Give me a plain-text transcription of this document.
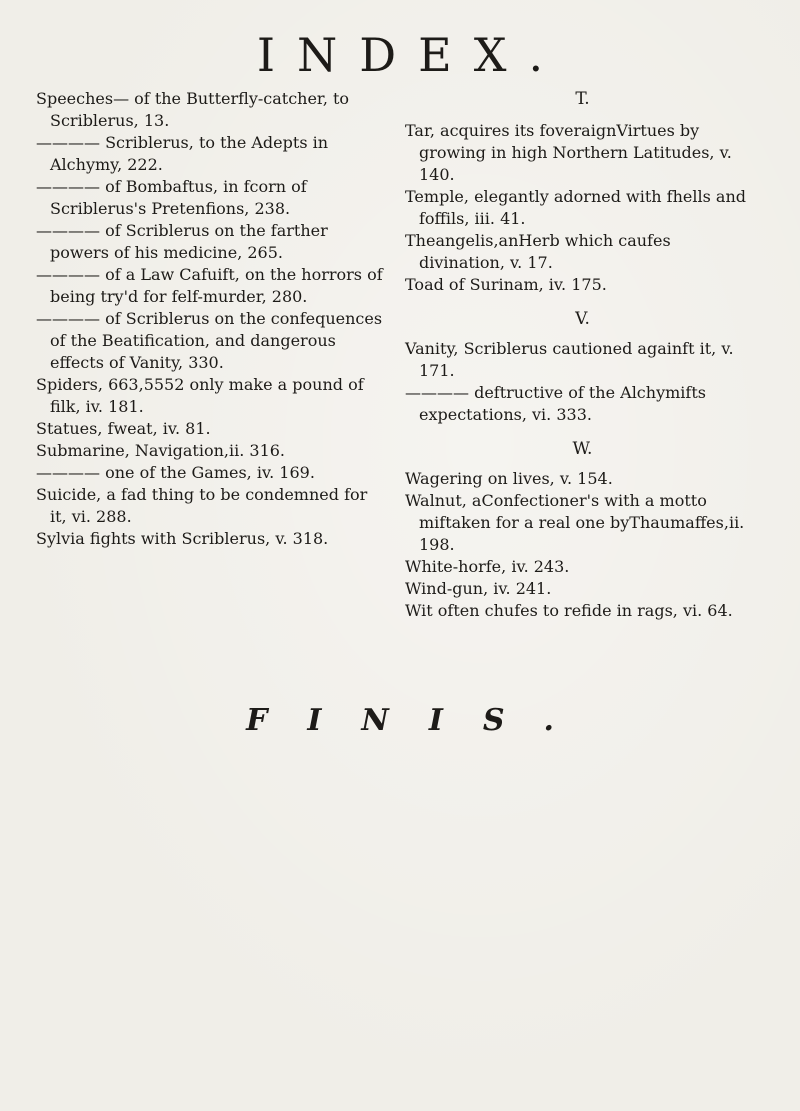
INDEX.

Speeches— of the Butterfly-catcher, to Scriblerus, 13.

———— Scriblerus, to the Adepts in Alchymy, 222.

———— of Bombaftus, in fcorn of Scriblerus's Pretenfions, 238.

———— of Scriblerus on the farther powers of his medicine, 265.

———— of a Law Cafuift, on the horrors of being try'd for felf-murder, 280.

———— of Scriblerus on the confequences of the Beatification, and dangerous effects of Vanity, 330.

Spiders, 663,5552 only make a pound of filk, iv. 181.

Statues, fweat, iv. 81.

Submarine, Navigation,ii. 316.

———— one of the Games, iv. 169.

Suicide, a fad thing to be condemned for it, vi. 288.

Sylvia fights with Scriblerus, v. 318.

T.

Tar, acquires its foveraignVirtues by growing in high Northern Latitudes, v. 140.

Temple, elegantly adorned with fhells and foffils, iii. 41.

Theangelis,anHerb which caufes divination, v. 17.

Toad of Surinam, iv. 175.

V.

Vanity, Scriblerus cautioned againft it, v. 171.

———— deftructive of the Alchymifts expectations, vi. 333.

W.

Wagering on lives, v. 154.

Walnut, aConfectioner's with a motto miftaken for a real one byThaumaffes,ii. 198.

White-horfe, iv. 243.

Wind-gun, iv. 241.

Wit often chufes to refide in rags, vi. 64.

FINIS.
